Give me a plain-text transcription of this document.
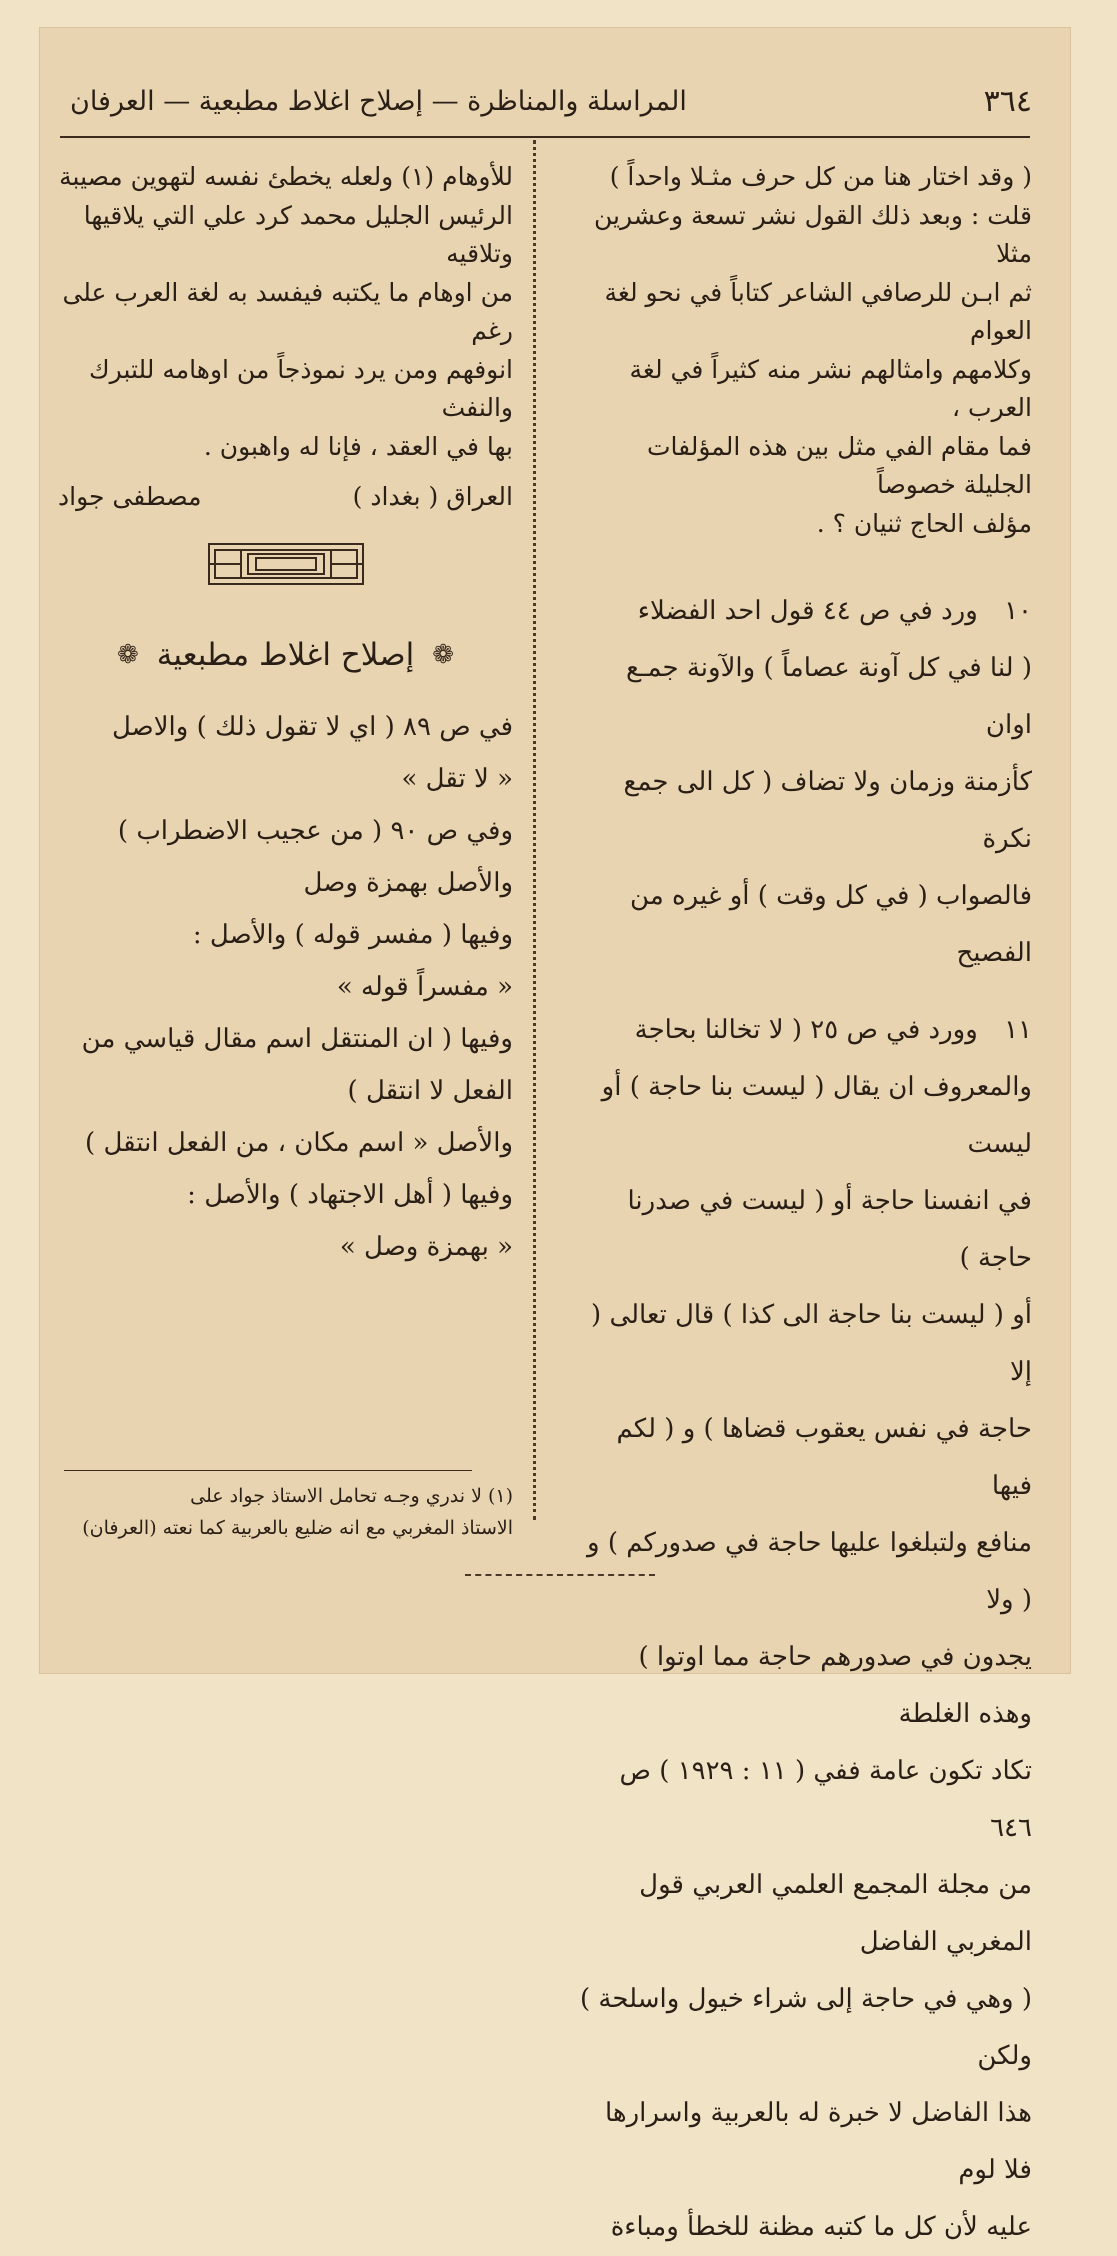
٣٦٤
المراسلة والمناظرة — إصلاح اغلاط مطبعية — العرفان

( وقد اختار هنا من كل حرف مثـلا واحداً )

قلت : وبعد ذلك القول نشر تسعة وعشرين مثلا

ثم ابـن للرصافي الشاعر كتاباً في نحو لغة العوام

وكلامهم وامثالهم نشر منه كثيراً في لغة العرب ،

فما مقام الفي مثل بين هذه المؤلفات الجليلة خصوصاً

مؤلف الحاج ثنيان ؟ .

١٠ ورد في ص ٤٤ قول احد الفضلاء

( لنا في كل آونة عصاماً ) والآونة جمـع اوان

كأزمنة وزمان ولا تضاف ( كل الى جمع نكرة

فالصواب ( في كل وقت ) أو غيره من الفصيح

١١ وورد في ص ٢٥ ( لا تخالنا بحاجة

والمعروف ان يقال ( ليست بنا حاجة ) أو ليست

في انفسنا حاجة أو ( ليست في صدرنا حاجة )

أو ( ليست بنا حاجة الى كذا ) قال تعالى ( إلا

حاجة في نفس يعقوب قضاها ) و ( لكم فيها

منافع ولتبلغوا عليها حاجة في صدوركم ) و ( ولا

يجدون في صدورهم حاجة مما اوتوا ) وهذه الغلطة

تكاد تكون عامة ففي ( ١١ : ١٩٢٩ ) ص ٦٤٦

من مجلة المجمع العلمي العربي قول المغربي الفاضل

( وهي في حاجة إلى شراء خيول واسلحة ) ولكن

هذا الفاضل لا خبرة له بالعربية واسرارها فلا لوم

عليه لأن كل ما كتبه مظنة للخطأ ومباءة

للأوهام (١) ولعله يخطئ نفسه لتهوين مصيبة

الرئيس الجليل محمد كرد علي التي يلاقيها وتلاقيه

من اوهام ما يكتبه فيفسد به لغة العرب على رغم

انوفهم ومن يرد نموذجاً من اوهامه للتبرك والنفث

بها في العقد ، فإنا له واهبون .

العراق ( بغداد )
مصطفى جواد
❁
إصلاح اغلاط مطبعية
❁

في ص ٨٩ ( اي لا تقول ذلك ) والاصل

« لا تقل »

وفي ص ٩٠ ( من عجيب الاضطراب )

والأصل بهمزة وصل

وفيها ( مفسر قوله ) والأصل :

« مفسراً قوله »

وفيها ( ان المنتقل اسم مقال قياسي من

الفعل لا انتقل )

والأصل « اسم مكان ، من الفعل انتقل )

وفيها ( أهل الاجتهاد ) والأصل :

« بهمزة وصل »

(١) لا ندري وجـه تحامل الاستاذ جواد على

الاستاذ المغربي مع انه ضليع بالعربية كما نعته (العرفان)
